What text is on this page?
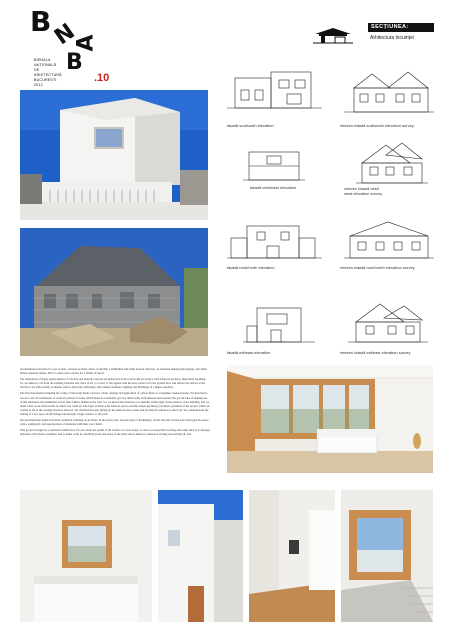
B
N
A
B
.10
BIENALA
NAȚIONALĂ
DE
ARHITECTURĂ
BUCUREȘTI
2012
SECȚIUNEA:
Arhitectura locuinței
fațadă sud/south elevation	releveu fațadă sud/south elevation survey
fațadă vest/west elevation	releveu fațadă vest/
west elevation survey
fațadă nord/north elevation	releveu fațadă nord/north elevation survey
fațadă est/east elevation	releveu fațadă est/east elevation survey

An abandoned structure for over 4 years. A house as many others of the 90s, a unfinished and badly erected structure, an unusable underground garage, and rather bizarre external shapes. How to adapt such a house for a family of three?

The demolition of many square meters of concrete and masonry and the reconstruction from scratch did not seem a well-balanced decision, financially speaking. So, we aimed to cut from the existing structure and, most of all, to correct it. We agreed with the new owner to fix the ground floor and restore the surface at the first floor (as almost half). A smaller surface (but truly sufficient), and, indeed, furniture, lighting and finishings of a higher standard.

The first interventions implied the caring of the badly made concrete: robust chasing and application of carbon fibers to strengthen cracked beams. We then had to recover over 20 centimetres of vertical position of walls, which made us eventually get very thick walls, both internal and external. We got the idea of making use of that thickness and sometimes excess thus achieve hidden in the wall. So, we placed the windows on a metallic frame right on the exterior of the building, and we made some wood boxes inside in which one could sit. The logic of these solid surfaces spaces and the simple geometry provided a grammar of the project which we carried as far as the existing structure allowed. We clarified the plan, giving up the semi-circular corner and moving the entrance to the front. We counterpoised the feeling of a low space in the livingroom through a huge window to the yard.

We speculated the initial structural confusion, building on its bases. In the lower area, several types of furnishings. At the end, the old and new mean gets the space with a complexity and superposition of elements with their own charm.

This project brought us a particular satisfaction. It is not about the polish of the surface of a new house, or that of a respectful restoring, but rather the joy to manage materials with what is available, and to make room for dwelling in the real sense of the term: and to improve, instead of erasing and starting all over.
